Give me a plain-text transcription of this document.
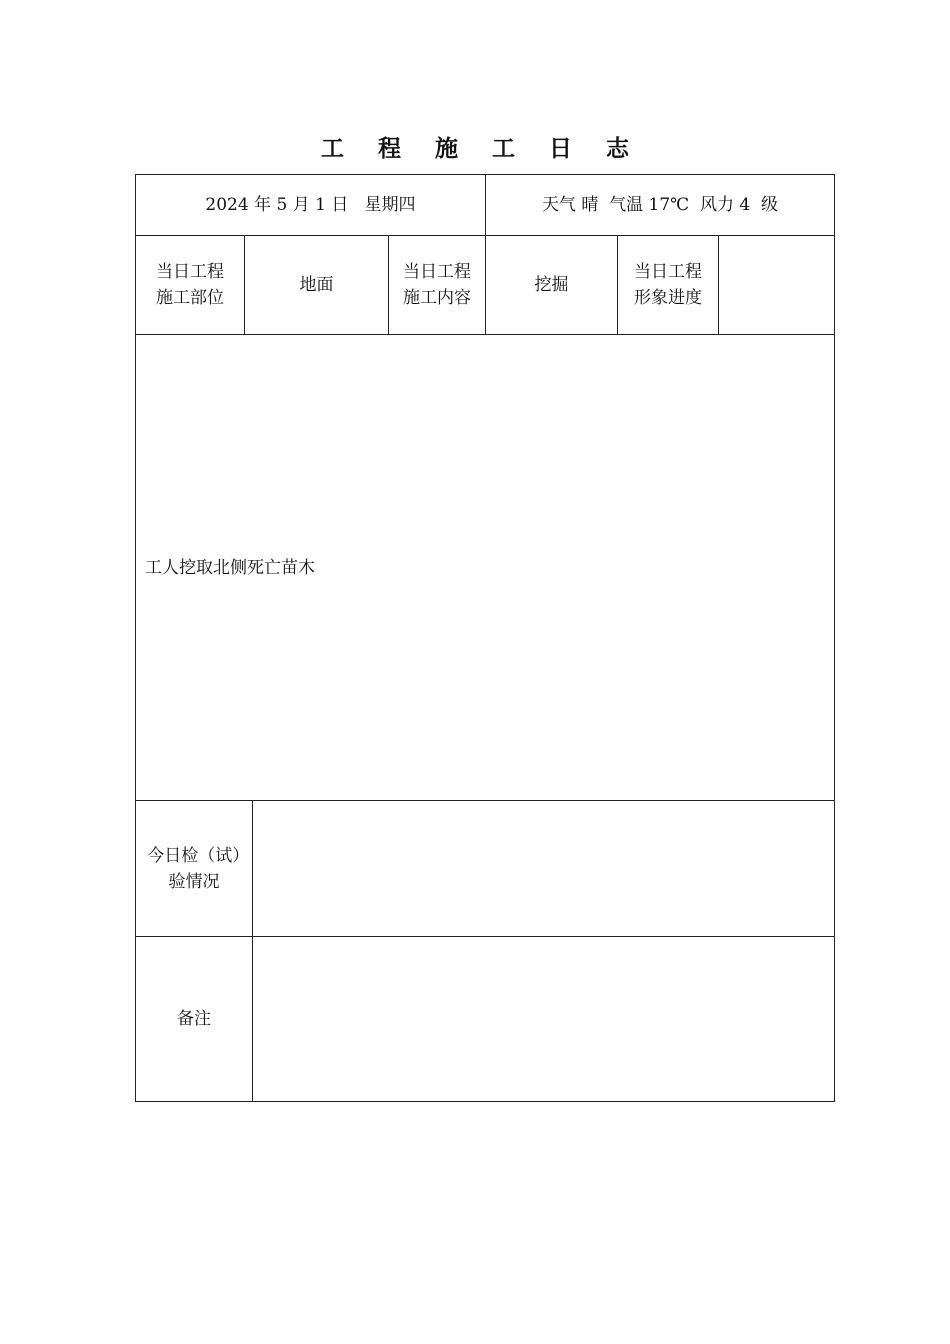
工 程 施 工 日 志
2024 年 5 月 1 日   星期四	天气 晴  气温 17℃  风力 4  级
当日工程施工部位
地面
当日工程施工内容
挖掘
当日工程形象进度
工人挖取北侧死亡苗木
今日检（试）验情况
备注
